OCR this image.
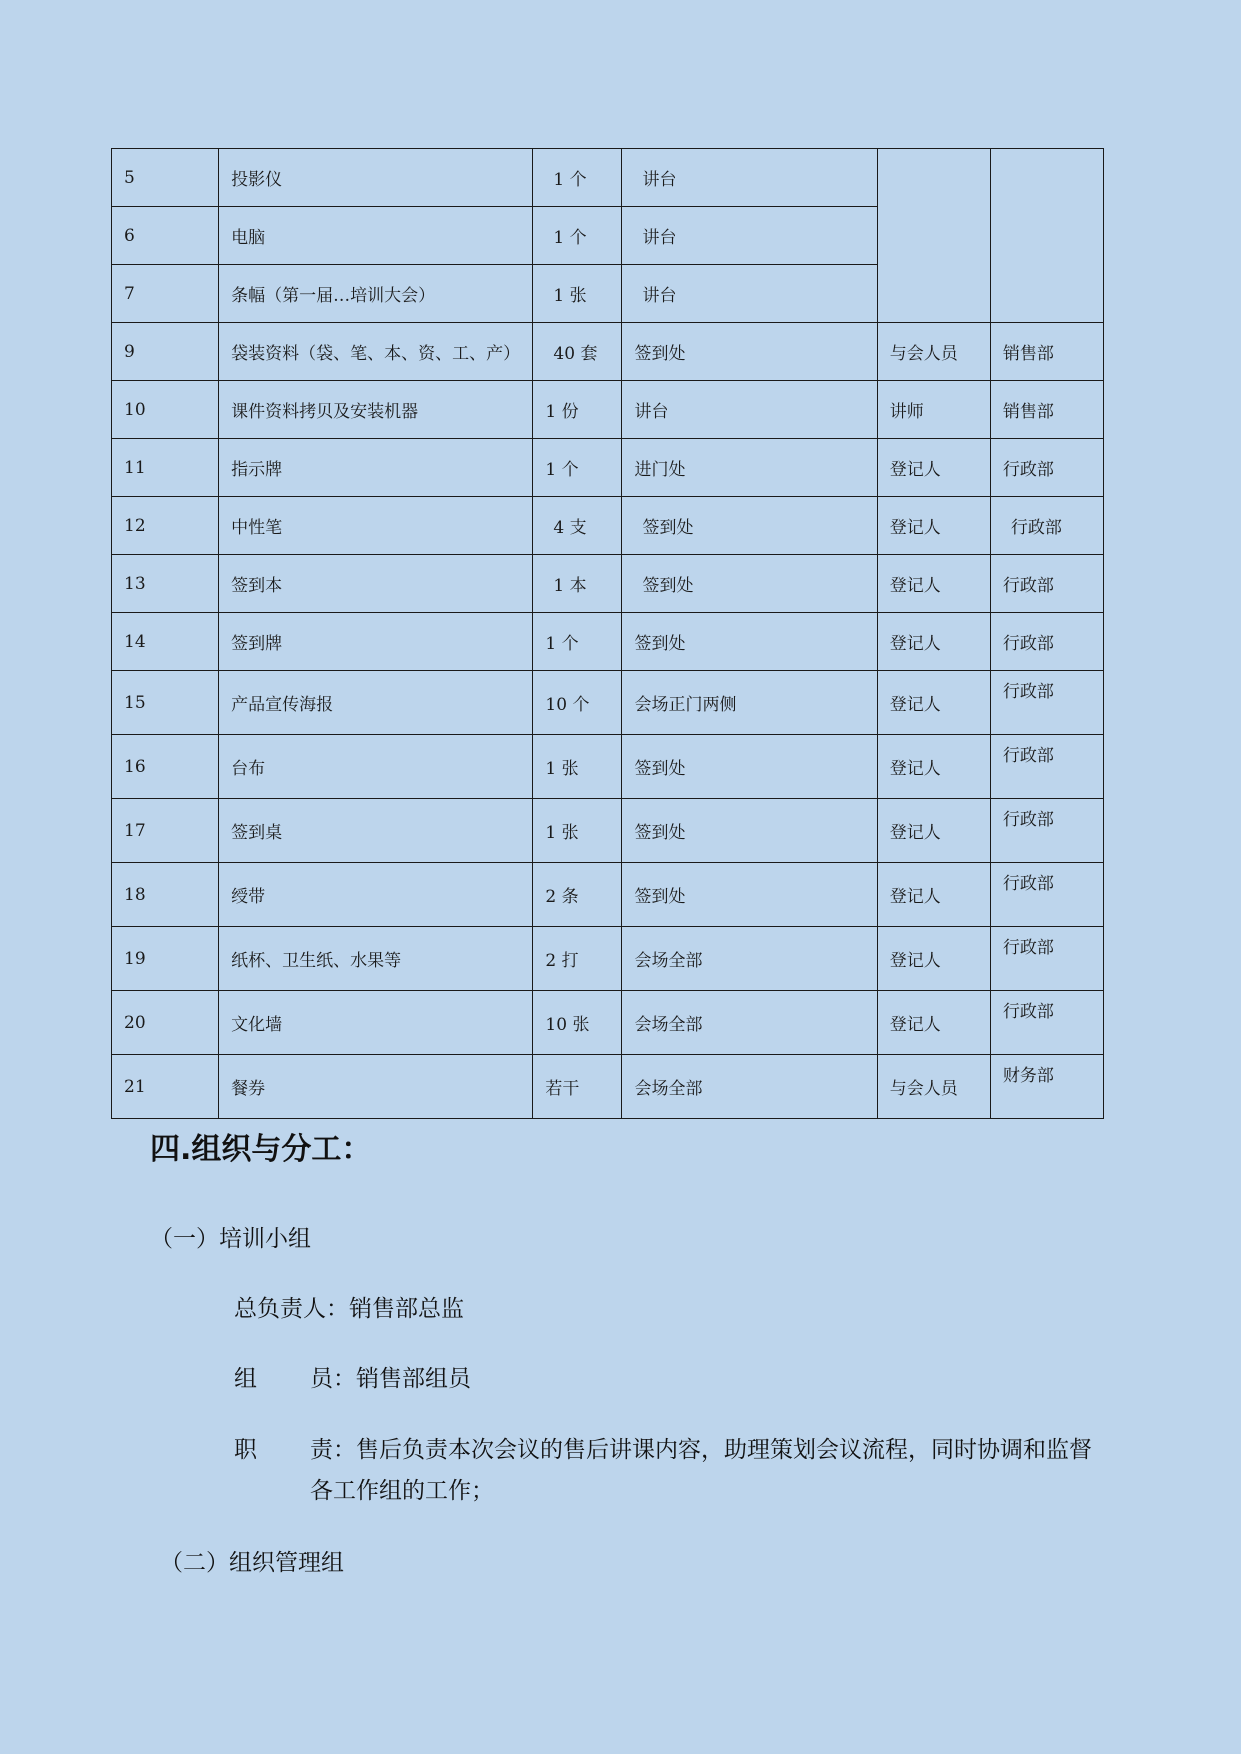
5	投影仪	1 个	讲台		
6	电脑	1 个	讲台		
7	条幅（第一届…培训大会）	1 张	讲台		
9	袋装资料（袋、笔、本、资、工、产）	40 套	签到处	与会人员	销售部
10	课件资料拷贝及安装机器	1 份	讲台	讲师	销售部
11	指示牌	1 个	进门处	登记人	行政部
12	中性笔	4 支	签到处	登记人	行政部
13	签到本	1 本	签到处	登记人	行政部
14	签到牌	1 个	签到处	登记人	行政部
15	产品宣传海报	10 个	会场正门两侧	登记人	行政部
16	台布	1 张	签到处	登记人	行政部
17	签到桌	1 张	签到处	登记人	行政部
18	绶带	2 条	签到处	登记人	行政部
19	纸杯、卫生纸、水果等	2 打	会场全部	登记人	行政部
20	文化墙	10 张	会场全部	登记人	行政部
21	餐券	若干	会场全部	与会人员	财务部
四.组织与分工：
（一）培训小组
总负责人：销售部总监
组 员：销售部组员
职	责：售后负责本次会议的售后讲课内容，助理策划会议流程，同时协调和监督各工作组的工作；
（二）组织管理组
